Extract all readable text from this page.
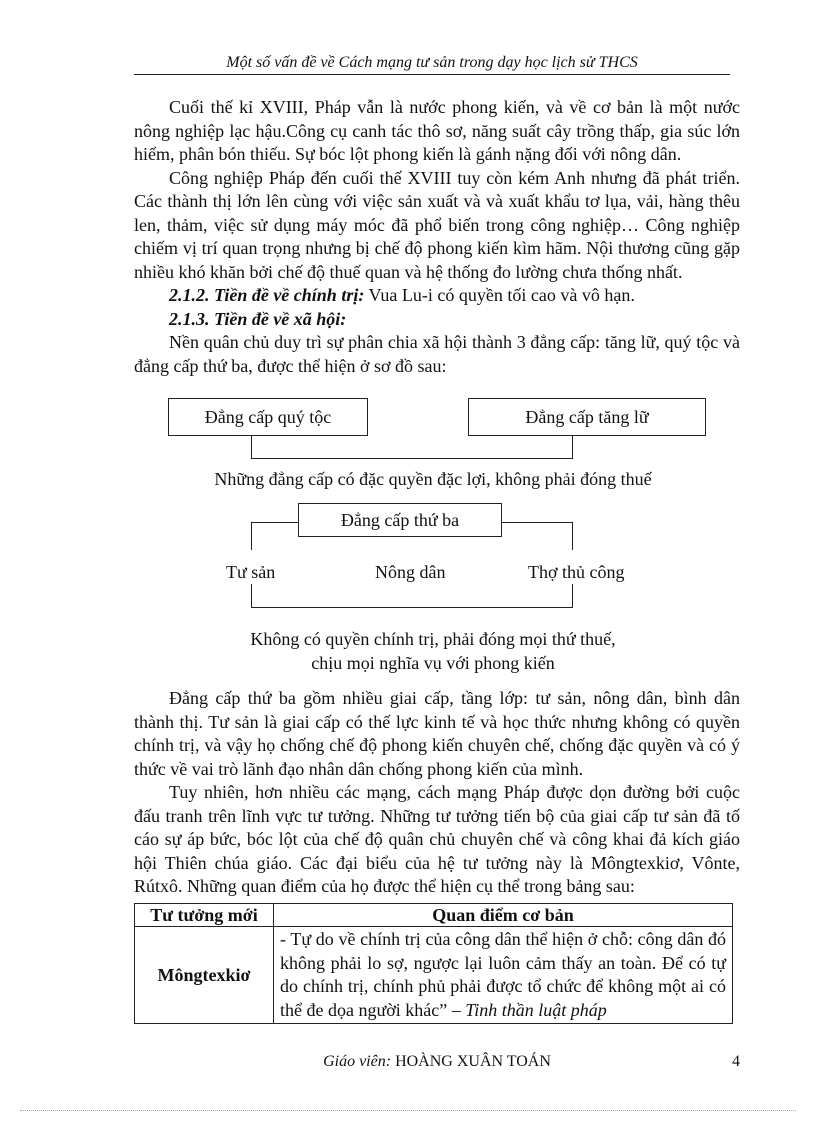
Một số vấn đề về Cách mạng tư sản trong dạy học lịch sử THCS

Cuối thế kỉ XVIII, Pháp vẫn là nước phong kiến, và về cơ bản là một nước nông nghiệp lạc hậu.Công cụ canh tác thô sơ, năng suất cây trồng thấp, gia súc lớn hiếm, phân bón thiếu. Sự bóc lột phong kiến là gánh nặng đối với nông dân.

Công nghiệp Pháp đến cuối thế XVIII tuy còn kém Anh nhưng đã phát triển. Các thành thị lớn lên cùng với việc sản xuất và và xuất khẩu tơ lụa, vải, hàng thêu len, thảm, việc sử dụng máy móc đã phổ biến trong công nghiệp… Công nghiệp chiếm vị trí quan trọng nhưng bị chế độ phong kiến kìm hãm. Nội thương cũng gặp nhiều khó khăn bởi chế độ thuế quan và hệ thống đo lường chưa thống nhất.

2.1.2. Tiền đề về chính trị: Vua Lu-i có quyền tối cao và vô hạn.

2.1.3. Tiền đề về xã hội:

Nền quân chủ duy trì sự phân chia xã hội thành 3 đẳng cấp: tăng lữ, quý tộc và đẳng cấp thứ ba, được thể hiện ở sơ đồ sau:

Đẳng cấp quý tộc	Đẳng cấp tăng lữ
Những đẳng cấp có đặc quyền đặc lợi, không phải đóng thuế
Đẳng cấp thứ ba
Tư sản	Nông dân	Thợ thủ công
Không có quyền chính trị, phải đóng mọi thứ thuế,
chịu mọi nghĩa vụ với phong kiến

Đẳng cấp thứ ba gồm nhiều giai cấp, tầng lớp: tư sản, nông dân, bình dân thành thị. Tư sản là giai cấp có thế lực kinh tế và học thức nhưng không có quyền chính trị, và vậy họ chống chế độ phong kiến chuyên chế, chống đặc quyền và có ý thức về vai trò lãnh đạo nhân dân chống phong kiến của mình.

Tuy nhiên, hơn nhiều các mạng, cách mạng Pháp được dọn đường bởi cuộc đấu tranh trên lĩnh vực tư tưởng. Những tư tưởng tiến bộ của giai cấp tư sản đã tố cáo sự áp bức, bóc lột của chế độ quân chủ chuyên chế và công khai đả kích giáo hội Thiên chúa giáo. Các đại biểu của hệ tư tưởng này là Môngtexkiơ, Vônte, Rútxô. Những quan điểm của họ được thể hiện cụ thể trong bảng sau:

Tư tưởng mới	Quan điểm cơ bản
Môngtexkiơ	- Tự do về chính trị của công dân thể hiện ở chỗ: công dân đó không phải lo sợ, ngược lại luôn cảm thấy an toàn. Để có tự do chính trị, chính phủ phải được tổ chức để không một ai có thể đe dọa người khác” – Tinh thần luật pháp
Giáo viên: HOÀNG XUÂN TOÁN	4
